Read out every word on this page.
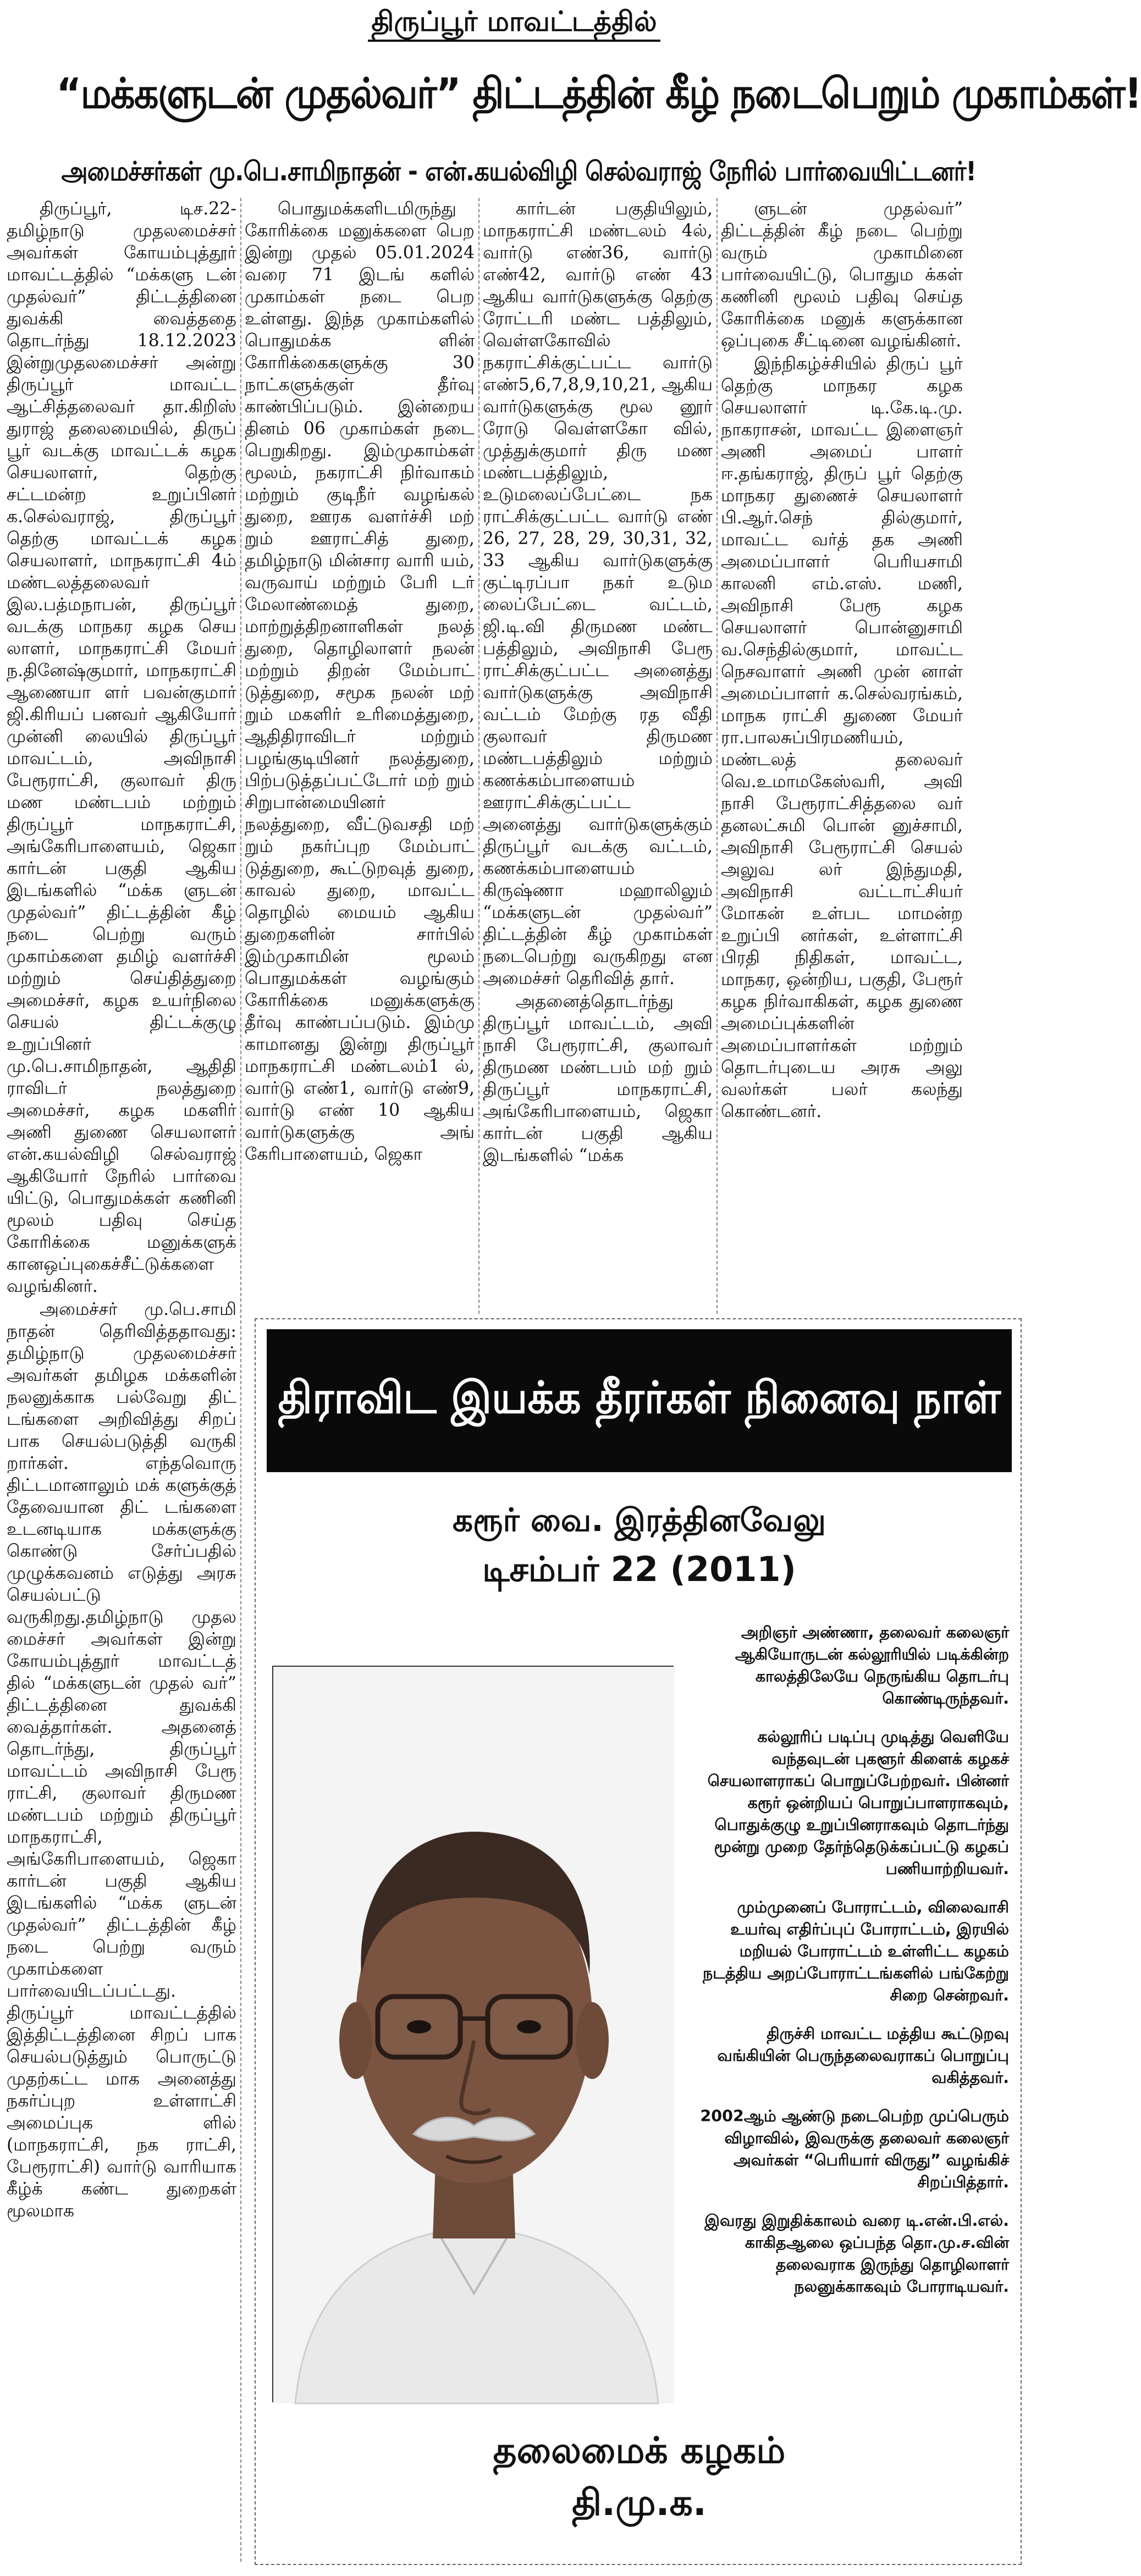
திருப்பூர் மாவட்டத்தில்
“மக்களுடன் முதல்வர்” திட்டத்தின் கீழ் நடைபெறும் முகாம்கள்!
அமைச்சர்கள் மு.பெ.சாமிநாதன் - என்.கயல்விழி செல்வராஜ் நேரில் பார்வையிட்டனர்!

திருப்பூர், டிச.22- தமிழ்நாடு முதலமைச்சர் அவர்கள் கோயம்புத்தூர் மாவட்டத்தில் “மக்களு டன் முதல்வர்” திட்டத்தினை துவக்கி வைத்ததை தொடர்ந்து 18.12.2023 இன்றுமுதலமைச்சர் அன்று திருப்பூர் மாவட்ட ஆட்சித்தலைவர் தா.கிறிஸ் துராஜ் தலைமையில், திருப் பூர் வடக்கு மாவட்டக் கழக செயலாளர், தெற்கு சட்டமன்ற உறுப்பினர் க.செல்வராஜ், திருப்பூர் தெற்கு மாவட்டக் கழக செயலாளர், மாநகராட்சி 4ம் மண்டலத்தலைவர் இல.பத்மநாபன், திருப்பூர் வடக்கு மாநகர கழக செய லாளர், மாநகராட்சி மேயர் ந.தினேஷ்குமார், மாநகராட்சி ஆணையா ளர் பவன்குமார் ஜி.கிரியப் பனவர் ஆகியோர் முன்னி லையில் திருப்பூர் மாவட்டம், அவிநாசி பேரூராட்சி, குலாவர் திரு மண மண்டபம் மற்றும் திருப்பூர் மாநகராட்சி, அங்கேரிபாளையம், ஜெகா கார்டன் பகுதி ஆகிய இடங்களில் “மக்க ளுடன் முதல்வர்” திட்டத்தின் கீழ் நடை பெற்று வரும் முகாம்களை தமிழ் வளர்ச்சி மற்றும் செய்தித்துறை அமைச்சர், கழக உயர்நிலை செயல் திட்டக்குழு உறுப்பினர் மு.பெ.சாமிநாதன், ஆதிதி ராவிடர் நலத்துறை அமைச்சர், கழக மகளிர் அணி துணை செயலாளர் என்.கயல்விழி செல்வராஜ் ஆகியோர் நேரில் பார்வை யிட்டு, பொதுமக்கள் கணினி மூலம் பதிவு செய்த கோரிக்கை மனுக்களுக் கானஒப்புகைச்சீட்டுக்களை வழங்கினர்.

அமைச்சர் மு.பெ.சாமி நாதன் தெரிவித்ததாவது: தமிழ்நாடு முதலமைச்சர் அவர்கள் தமிழக மக்களின் நலனுக்காக பல்வேறு திட் டங்களை அறிவித்து சிறப் பாக செயல்படுத்தி வருகி றார்கள். எந்தவொரு திட்டமானாலும் மக் களுக்குத் தேவையான திட் டங்களை உடனடியாக மக்களுக்கு கொண்டு சேர்ப்பதில் முழுக்கவனம் எடுத்து அரசு செயல்பட்டு வருகிறது.தமிழ்நாடு முதல மைச்சர் அவர்கள் இன்று கோயம்புத்தூர் மாவட்டத் தில் “மக்களுடன் முதல் வர்” திட்டத்தினை துவக்கி வைத்தார்கள். அதனைத் தொடர்ந்து, திருப்பூர் மாவட்டம் அவிநாசி பேரூ ராட்சி, குலாவர் திருமண மண்டபம் மற்றும் திருப்பூர் மாநகராட்சி, அங்கேரிபாளையம், ஜெகா கார்டன் பகுதி ஆகிய இடங்களில் “மக்க ளுடன் முதல்வர்” திட்டத்தின் கீழ் நடை பெற்று வரும் முகாம்களை பார்வையிடப்பட்டது. திருப்பூர் மாவட்டத்தில் இத்திட்டத்தினை சிறப் பாக செயல்படுத்தும் பொருட்டு முதற்கட்ட மாக அனைத்து நகர்ப்புற உள்ளாட்சி அமைப்புக ளில் (மாநகராட்சி, நக ராட்சி, பேரூராட்சி) வார்டு வாரியாக கீழ்க் கண்ட துறைகள் மூலமாக

பொதுமக்களிடமிருந்து கோரிக்கை மனுக்களை பெற இன்று முதல் 05.01.2024 வரை 71 இடங் களில் முகாம்கள் நடை பெற உள்ளது. இந்த முகாம்களில் பொதுமக்க ளின் கோரிக்கைகளுக்கு 30 நாட்களுக்குள் தீர்வு காண்பிப்படும். இன்றைய தினம் 06 முகாம்கள் நடை பெறுகிறது. இம்முகாம்கள் மூலம், நகராட்சி நிர்வாகம் மற்றும் குடிநீர் வழங்கல் துறை, ஊரக வளர்ச்சி மற் றும் ஊராட்சித் துறை, தமிழ்நாடு மின்சார வாரி யம், வருவாய் மற்றும் பேரி டர் மேலாண்மைத் துறை, மாற்றுத்திறனாளிகள் நலத் துறை, தொழிலாளர் நலன் மற்றும் திறன் மேம்பாட் டுத்துறை, சமூக நலன் மற் றும் மகளிர் உரிமைத்துறை, ஆதிதிராவிடர் மற்றும் பழங்குடியினர் நலத்துறை, பிற்படுத்தப்பட்டோர் மற் றும் சிறுபான்மையினர் நலத்துறை, வீட்டுவசதி மற் றும் நகர்ப்புற மேம்பாட் டுத்துறை, கூட்டுறவுத் துறை, காவல் துறை, மாவட்ட தொழில் மையம் ஆகிய துறைகளின் சார்பில் இம்முகாமின் மூலம் பொதுமக்கள் வழங்கும் கோரிக்கை மனுக்களுக்கு தீர்வு காண்பப்படும். இம்மு காமானது இன்று திருப்பூர் மாநகராட்சி மண்டலம்1 ல், வார்டு எண்1, வார்டு எண்9, வார்டு எண் 10 ஆகிய வார்டுகளுக்கு அங் கேரிபாளையம், ஜெகா

கார்டன் பகுதியிலும், மாநகராட்சி மண்டலம் 4ல், வார்டு எண்36, வார்டு எண்42, வார்டு எண் 43 ஆகிய வார்டுகளுக்கு தெற்கு ரோட்டரி மண்ட பத்திலும், வெள்ளகோவில் நகராட்சிக்குட்பட்ட வார்டு எண்5,6,7,8,9,10,21, ஆகிய வார்டுகளுக்கு மூல னூர் ரோடு வெள்ளகோ வில், முத்துக்குமார் திரு மண மண்டபத்திலும், உடுமலைப்பேட்டை நக ராட்சிக்குட்பட்ட வார்டு எண் 26, 27, 28, 29, 30,31, 32, 33 ஆகிய வார்டுகளுக்கு குட்டிரப்பா நகர் உடும லைப்பேட்டை வட்டம், ஜி.டி.வி திருமண மண்ட பத்திலும், அவிநாசி பேரூ ராட்சிக்குட்பட்ட அனைத்து வார்டுகளுக்கு அவிநாசி வட்டம் மேற்கு ரத வீதி குலாவர் திருமண மண்டபத்திலும் மற்றும் கணக்கம்பாளையம் ஊராட்சிக்குட்பட்ட அனைத்து வார்டுகளுக்கும் திருப்பூர் வடக்கு வட்டம், கணக்கம்பாளையம் கிருஷ்ணா மஹாலிலும் “மக்களுடன் முதல்வர்” திட்டத்தின் கீழ் முகாம்கள் நடைபெற்று வருகிறது என அமைச்சர் தெரிவித் தார்.

அதனைத்தொடர்ந்து திருப்பூர் மாவட்டம், அவி நாசி பேரூராட்சி, குலாவர் திருமண மண்டபம் மற் றும் திருப்பூர் மாநகராட்சி, அங்கேரிபாளையம், ஜெகா கார்டன் பகுதி ஆகிய இடங்களில் “மக்க

ளுடன் முதல்வர்” திட்டத்தின் கீழ் நடை பெற்று வரும் முகாமினை பார்வையிட்டு, பொதும க்கள் கணினி மூலம் பதிவு செய்த கோரிக்கை மனுக் களுக்கான ஒப்புகை சீட்டினை வழங்கினர்.

இந்நிகழ்ச்சியில் திருப் பூர் தெற்கு மாநகர கழக செயலாளர் டி.கே.டி.மு. நாகராசன், மாவட்ட இளைஞர் அணி அமைப் பாளர் ஈ.தங்கராஜ், திருப் பூர் தெற்கு மாநகர துணைச் செயலாளர் பி.ஆர்.செந் தில்குமார், மாவட்ட வர்த் தக அணி அமைப்பாளர் பெரியசாமி காலனி எம்.எஸ். மணி, அவிநாசி பேரூ கழக செயலாளர் பொன்னுசாமி வ.செந்தில்குமார், மாவட்ட நெசவாளர் அணி முன் னாள் அமைப்பாளர் க.செல்வரங்கம், மாநக ராட்சி துணை மேயர் ரா.பாலசுப்பிரமணியம், மண்டலத் தலைவர் வெ.உமாமகேஸ்வரி, அவி நாசி பேரூராட்சித்தலை வர் தனலட்சுமி பொன் னுச்சாமி, அவிநாசி பேரூராட்சி செயல் அலுவ லர் இந்துமதி, அவிநாசி வட்டாட்சியர் மோகன் உள்பட மாமன்ற உறுப்பி னர்கள், உள்ளாட்சி பிரதி நிதிகள், மாவட்ட, மாநகர, ஒன்றிய, பகுதி, பேரூர் கழக நிர்வாகிகள், கழக துணை அமைப்புக்களின் அமைப்பாளர்கள் மற்றும் தொடர்புடைய அரசு அலு வலர்கள் பலர் கலந்து கொண்டனர்.

திராவிட இயக்க தீரர்கள் நினைவு நாள்
கரூர் வை. இரத்தினவேலு
டிசம்பர் 22 (2011)

அறிஞர் அண்ணா, தலைவர் கலைஞர் ஆகியோருடன் கல்லூரியில் படிக்கின்ற காலத்திலேயே நெருங்கிய தொடர்பு கொண்டிருந்தவர்.

கல்லூரிப் படிப்பு முடித்து வெளியே வந்தவுடன் புகளூர் கிளைக் கழகச் செயலாளராகப் பொறுப்பேற்றவர். பின்னர் கரூர் ஒன்றியப் பொறுப்பாளராகவும், பொதுக்குழு உறுப்பினராகவும் தொடர்ந்து மூன்று முறை தேர்ந்தெடுக்கப்பட்டு கழகப் பணியாற்றியவர்.

மும்முனைப் போராட்டம், விலைவாசி உயர்வு எதிர்ப்புப் போராட்டம், இரயில் மறியல் போராட்டம் உள்ளிட்ட கழகம் நடத்திய அறப்போராட்டங்களில் பங்கேற்று சிறை சென்றவர்.

திருச்சி மாவட்ட மத்திய கூட்டுறவு வங்கியின் பெருந்தலைவராகப் பொறுப்பு வகித்தவர்.

2002ஆம் ஆண்டு நடைபெற்ற முப்பெரும் விழாவில், இவருக்கு தலைவர் கலைஞர் அவர்கள் “பெரியார் விருது” வழங்கிச் சிறப்பித்தார்.

இவரது இறுதிக்காலம் வரை டி.என்.பி.எல். காகிதஆலை ஒப்பந்த தொ.மு.ச.வின் தலைவராக இருந்து தொழிலாளர் நலனுக்காகவும் போராடியவர்.

தலைமைக் கழகம்
தி.மு.க.
